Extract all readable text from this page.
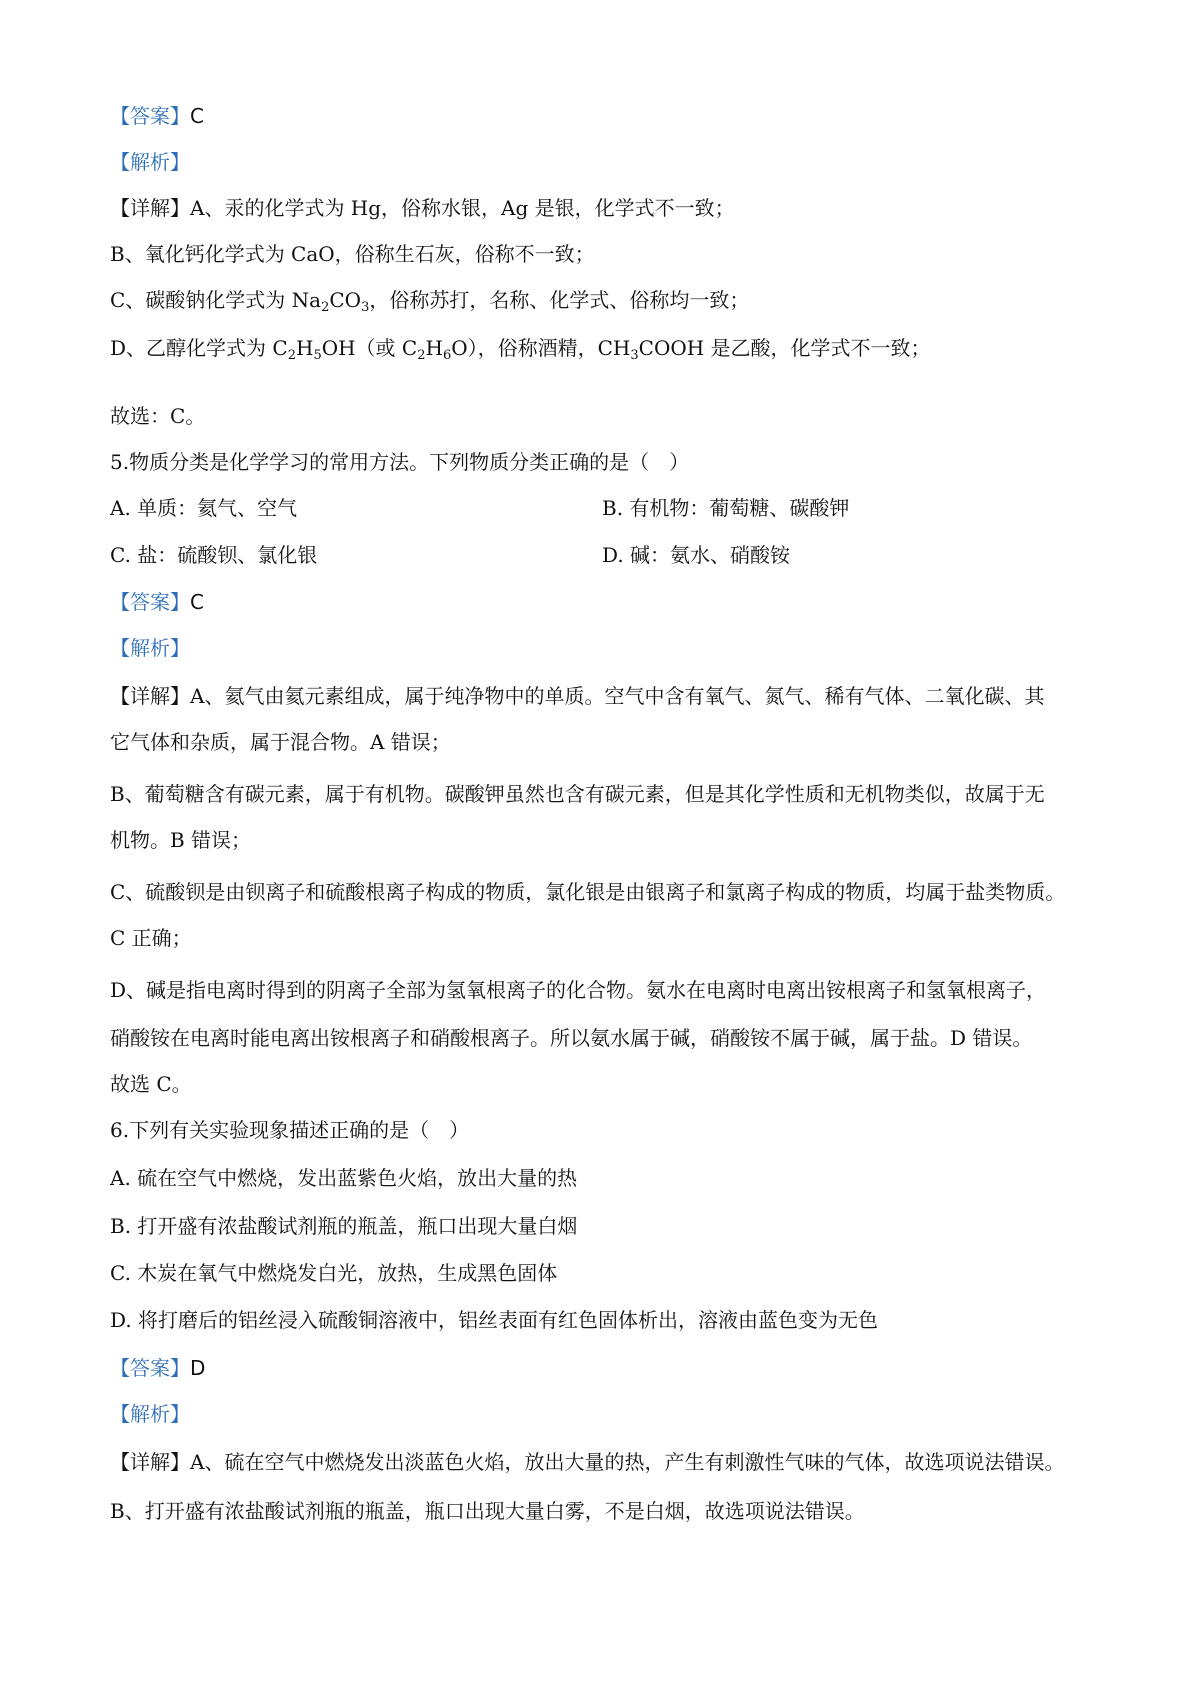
【答案】C
【解析】
【详解】A、汞的化学式为 Hg，俗称水银，Ag 是银，化学式不一致；
B、氧化钙化学式为 CaO，俗称生石灰，俗称不一致；
C、碳酸钠化学式为 $Na_2CO_3$，俗称苏打，名称、化学式、俗称均一致；
D、乙醇化学式为 $C_2H_5OH$（或 $C_2H_6O$），俗称酒精，$CH_3COOH$ 是乙酸，化学式不一致；
故选：C。
5.物质分类是化学学习的常用方法。下列物质分类正确的是（　）
A. 单质：氦气、空气	B. 有机物：葡萄糖、碳酸钾
C. 盐：硫酸钡、氯化银	D. 碱：氨水、硝酸铵
【答案】C
【解析】
【详解】A、氦气由氦元素组成，属于纯净物中的单质。空气中含有氧气、氮气、稀有气体、二氧化碳、其
它气体和杂质，属于混合物。A 错误；
B、葡萄糖含有碳元素，属于有机物。碳酸钾虽然也含有碳元素，但是其化学性质和无机物类似，故属于无
机物。B 错误；
C、硫酸钡是由钡离子和硫酸根离子构成的物质，氯化银是由银离子和氯离子构成的物质，均属于盐类物质。
C 正确；
D、碱是指电离时得到的阴离子全部为氢氧根离子的化合物。氨水在电离时电离出铵根离子和氢氧根离子，
硝酸铵在电离时能电离出铵根离子和硝酸根离子。所以氨水属于碱，硝酸铵不属于碱，属于盐。D 错误。
故选 C。
6.下列有关实验现象描述正确的是（　）
A. 硫在空气中燃烧，发出蓝紫色火焰，放出大量的热
B. 打开盛有浓盐酸试剂瓶的瓶盖，瓶口出现大量白烟
C. 木炭在氧气中燃烧发白光，放热，生成黑色固体
D. 将打磨后的铝丝浸入硫酸铜溶液中，铝丝表面有红色固体析出，溶液由蓝色变为无色
【答案】D
【解析】
【详解】A、硫在空气中燃烧发出淡蓝色火焰，放出大量的热，产生有刺激性气味的气体，故选项说法错误。
B、打开盛有浓盐酸试剂瓶的瓶盖，瓶口出现大量白雾，不是白烟，故选项说法错误。
